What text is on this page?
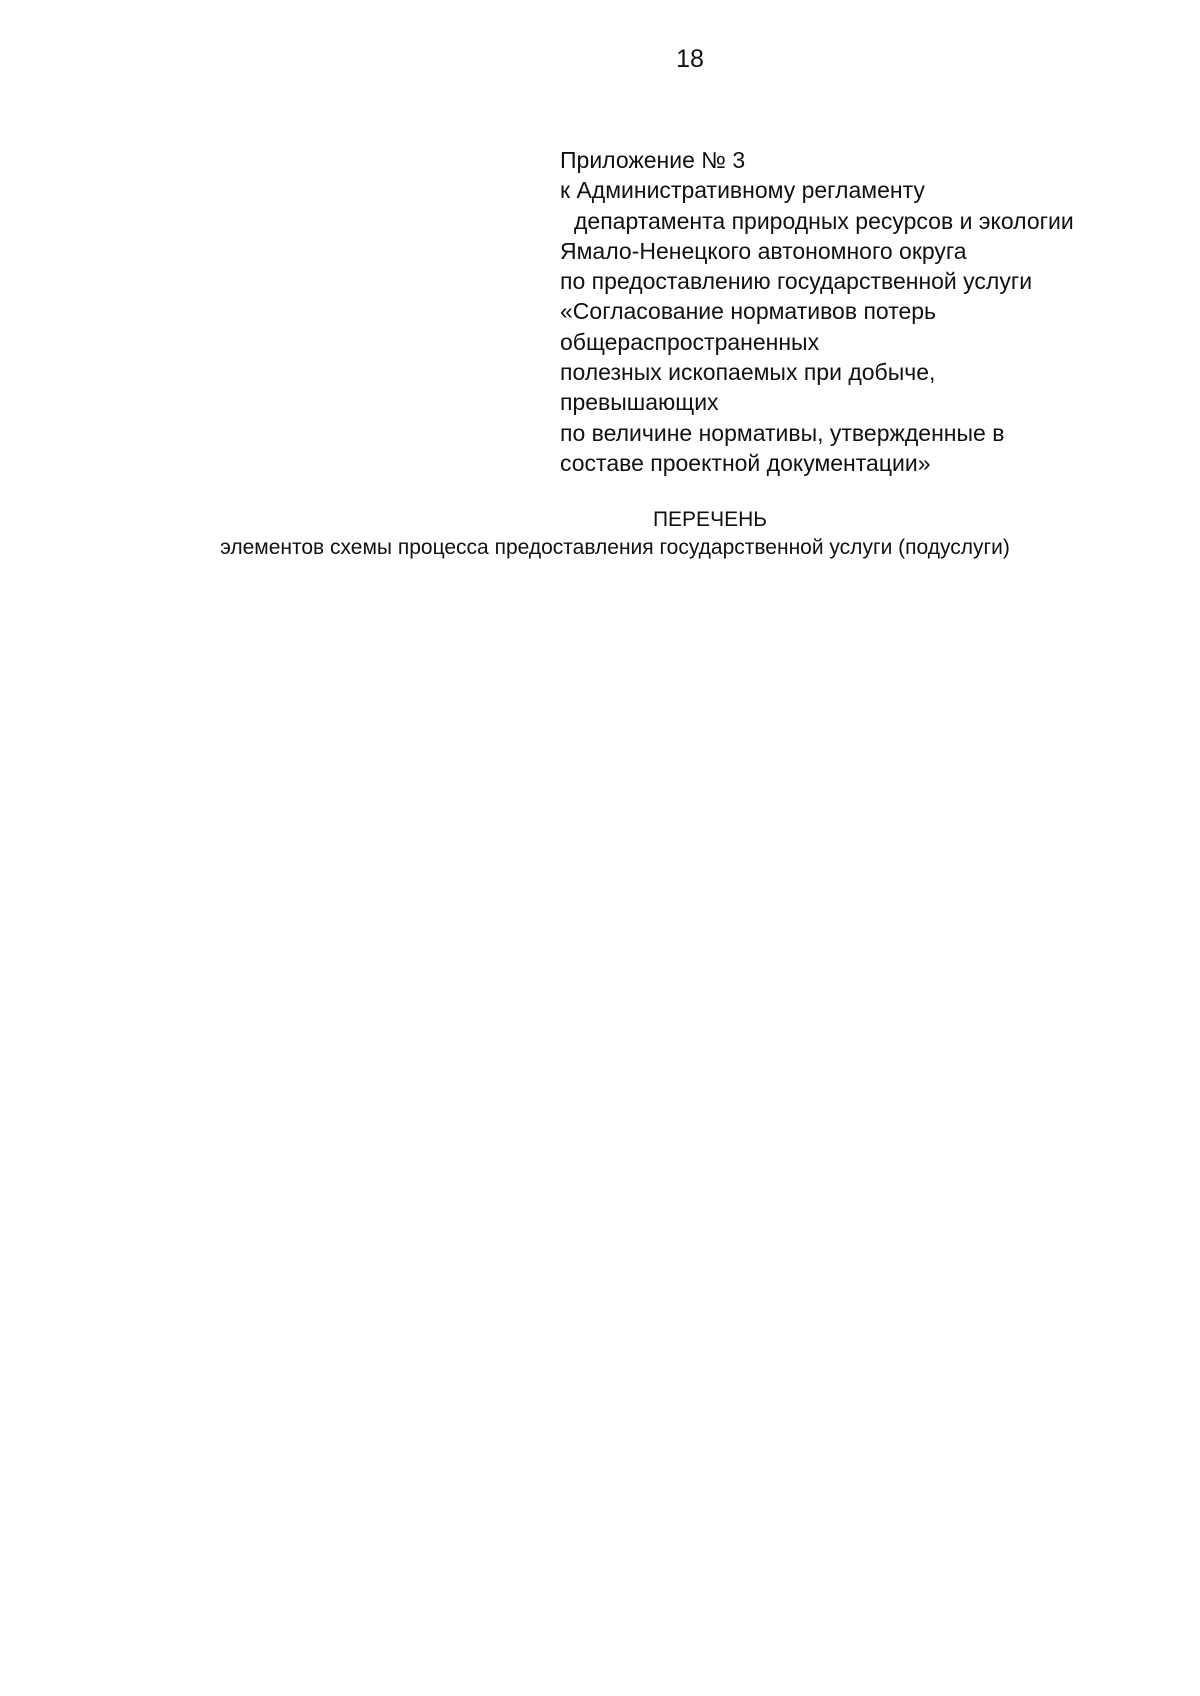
18
Приложение № 3
к Административному регламенту
департамента природных ресурсов и экологии
Ямало-Ненецкого автономного округа
по предоставлению государственной услуги
«Согласование нормативов потерь
общераспространенных
полезных ископаемых при добыче,
превышающих
по величине нормативы, утвержденные в
составе проектной документации»
ПЕРЕЧЕНЬ
элементов схемы процесса предоставления государственной услуги (подуслуги)
